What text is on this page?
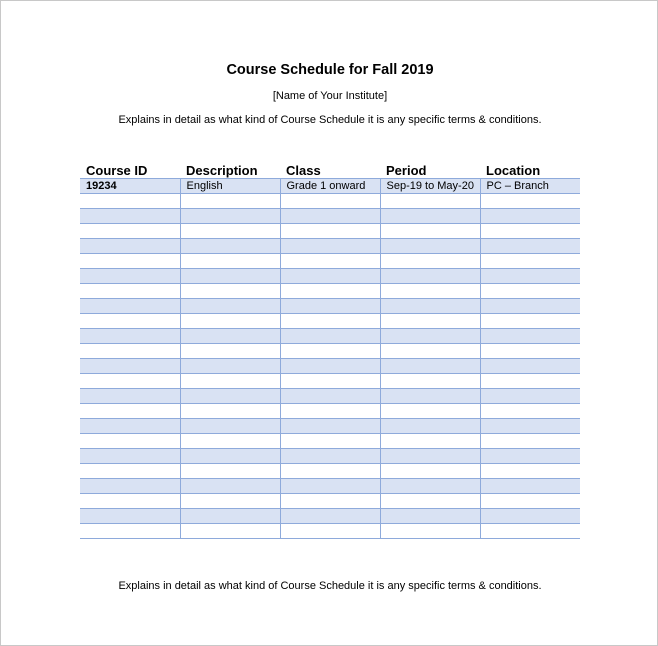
Course Schedule for Fall 2019
[Name of Your Institute]
Explains in detail as what kind of Course Schedule it is any specific terms & conditions.
Course ID	Description	Class	Period	Location
19234	English	Grade 1 onward	Sep-19 to May-20	PC – Branch

Explains in detail as what kind of Course Schedule it is any specific terms & conditions.
